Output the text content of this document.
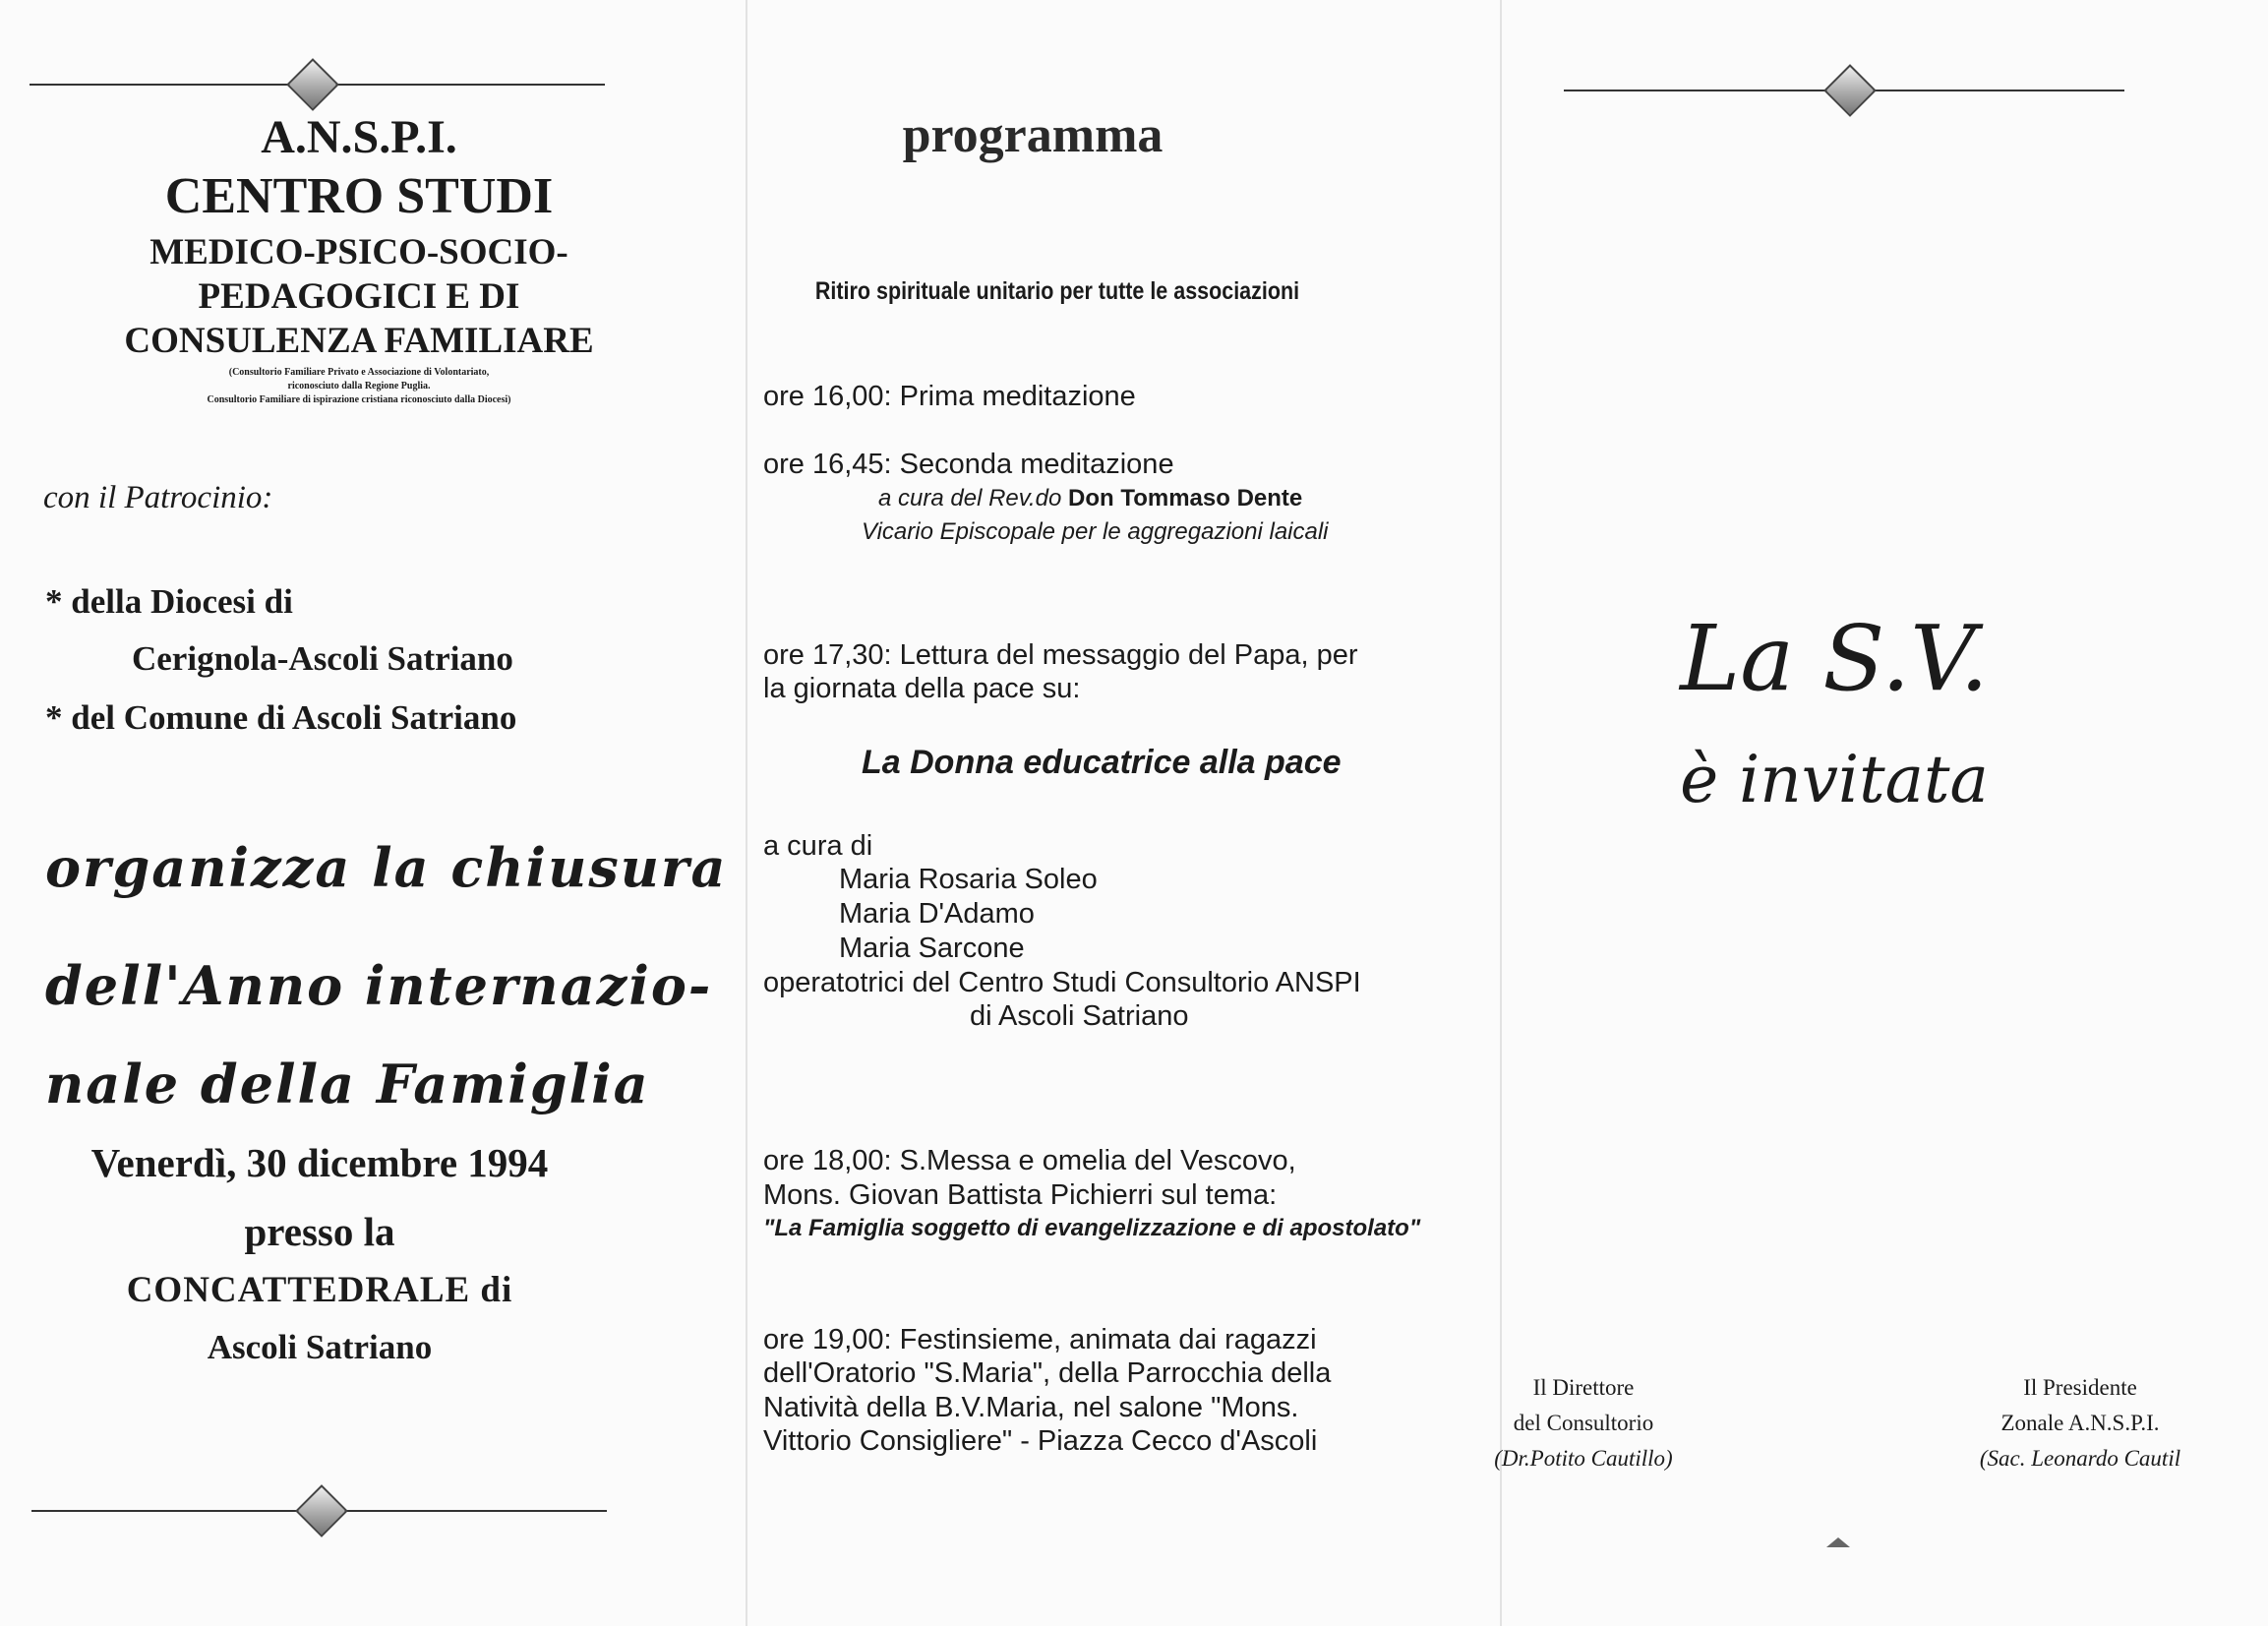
A.N.S.P.I.
CENTRO STUDI
MEDICO-PSICO-SOCIO-
PEDAGOGICI E DI
CONSULENZA FAMILIARE
(Consultorio Familiare Privato e Associazione di Volontariato,
riconosciuto dalla Regione Puglia.
Consultorio Familiare di ispirazione cristiana riconosciuto dalla Diocesi)
con il Patrocinio:
* della Diocesi di
Cerignola-Ascoli Satriano
* del Comune di Ascoli Satriano
organizza la chiusura
dell'Anno internazio-
nale della Famiglia
Venerdì, 30 dicembre 1994
presso la
CONCATTEDRALE di
Ascoli Satriano
programma
Ritiro spirituale unitario per tutte le associazioni
ore 16,00: Prima meditazione
ore 16,45: Seconda meditazione
a cura del Rev.do Don Tommaso Dente
Vicario Episcopale per le aggregazioni laicali
ore 17,30: Lettura del messaggio del Papa, per
la giornata della pace su:
La Donna educatrice alla pace
a cura di
Maria Rosaria Soleo
Maria D'Adamo
Maria Sarcone
operatotrici del Centro Studi Consultorio ANSPI
di Ascoli Satriano
ore 18,00: S.Messa e omelia del Vescovo,
Mons. Giovan Battista Pichierri sul tema:
"La Famiglia soggetto di evangelizzazione e di apostolato"
ore 19,00: Festinsieme, animata dai ragazzi
dell'Oratorio "S.Maria", della Parrocchia della
Natività della B.V.Maria, nel salone "Mons.
Vittorio Consigliere" - Piazza Cecco d'Ascoli
La S.V.
è invitata
Il Presidente
Zonale A.N.S.P.I.
(Sac. Leonardo Cautil
Il Direttore
del Consultorio
(Dr.Potito Cautillo)
